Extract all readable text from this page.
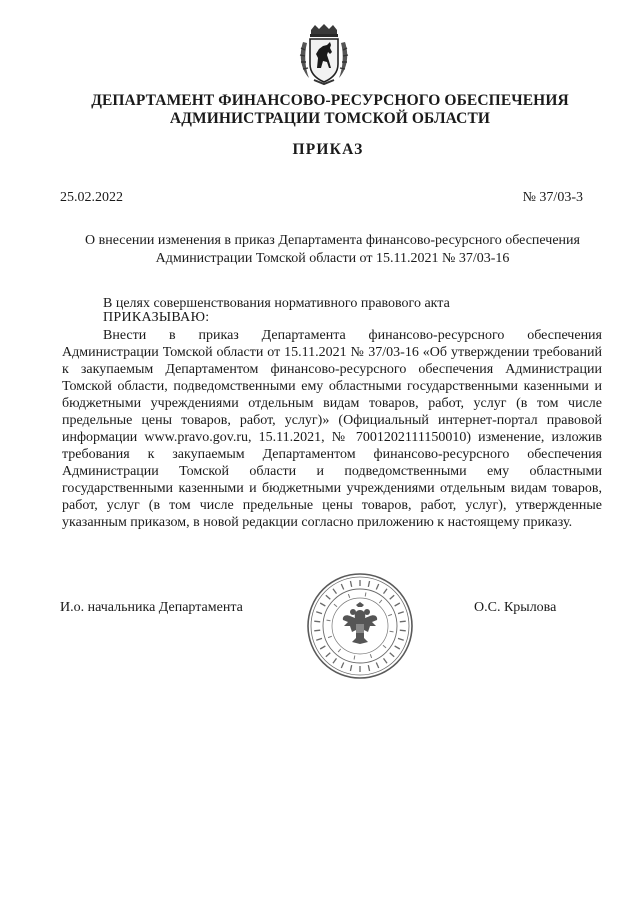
ДЕПАРТАМЕНТ ФИНАНСОВО-РЕСУРСНОГО ОБЕСПЕЧЕНИЯ
АДМИНИСТРАЦИИ ТОМСКОЙ ОБЛАСТИ
ПРИКАЗ
25.02.2022	№ 37/03-3
О внесении изменения в приказ Департамента финансово-ресурсного обеспечения
Администрации Томской области от 15.11.2021 № 37/03-16
В целях совершенствования нормативного правового акта
ПРИКАЗЫВАЮ:
Внести в приказ Департамента финансово-ресурсного обеспечения Администрации Томской области от 15.11.2021 № 37/03-16 «Об утверждении требований к закупаемым Департаментом финансово-ресурсного обеспечения Администрации Томской области, подведомственными ему областными государственными казенными и бюджетными учреждениями отдельным видам товаров, работ, услуг (в том числе предельные цены товаров, работ, услуг)» (Официальный интернет-портал правовой информации www.pravo.gov.ru, 15.11.2021, № 7001202111150010) изменение, изложив требования к закупаемым Департаментом финансово-ресурсного обеспечения Администрации Томской области и подведомственными ему областными государственными казенными и бюджетными учреждениями отдельным видам товаров, работ, услуг (в том числе предельные цены товаров, работ, услуг), утвержденные указанным приказом, в новой редакции согласно приложению к настоящему приказу.
И.о. начальника Департамента	О.С. Крылова
